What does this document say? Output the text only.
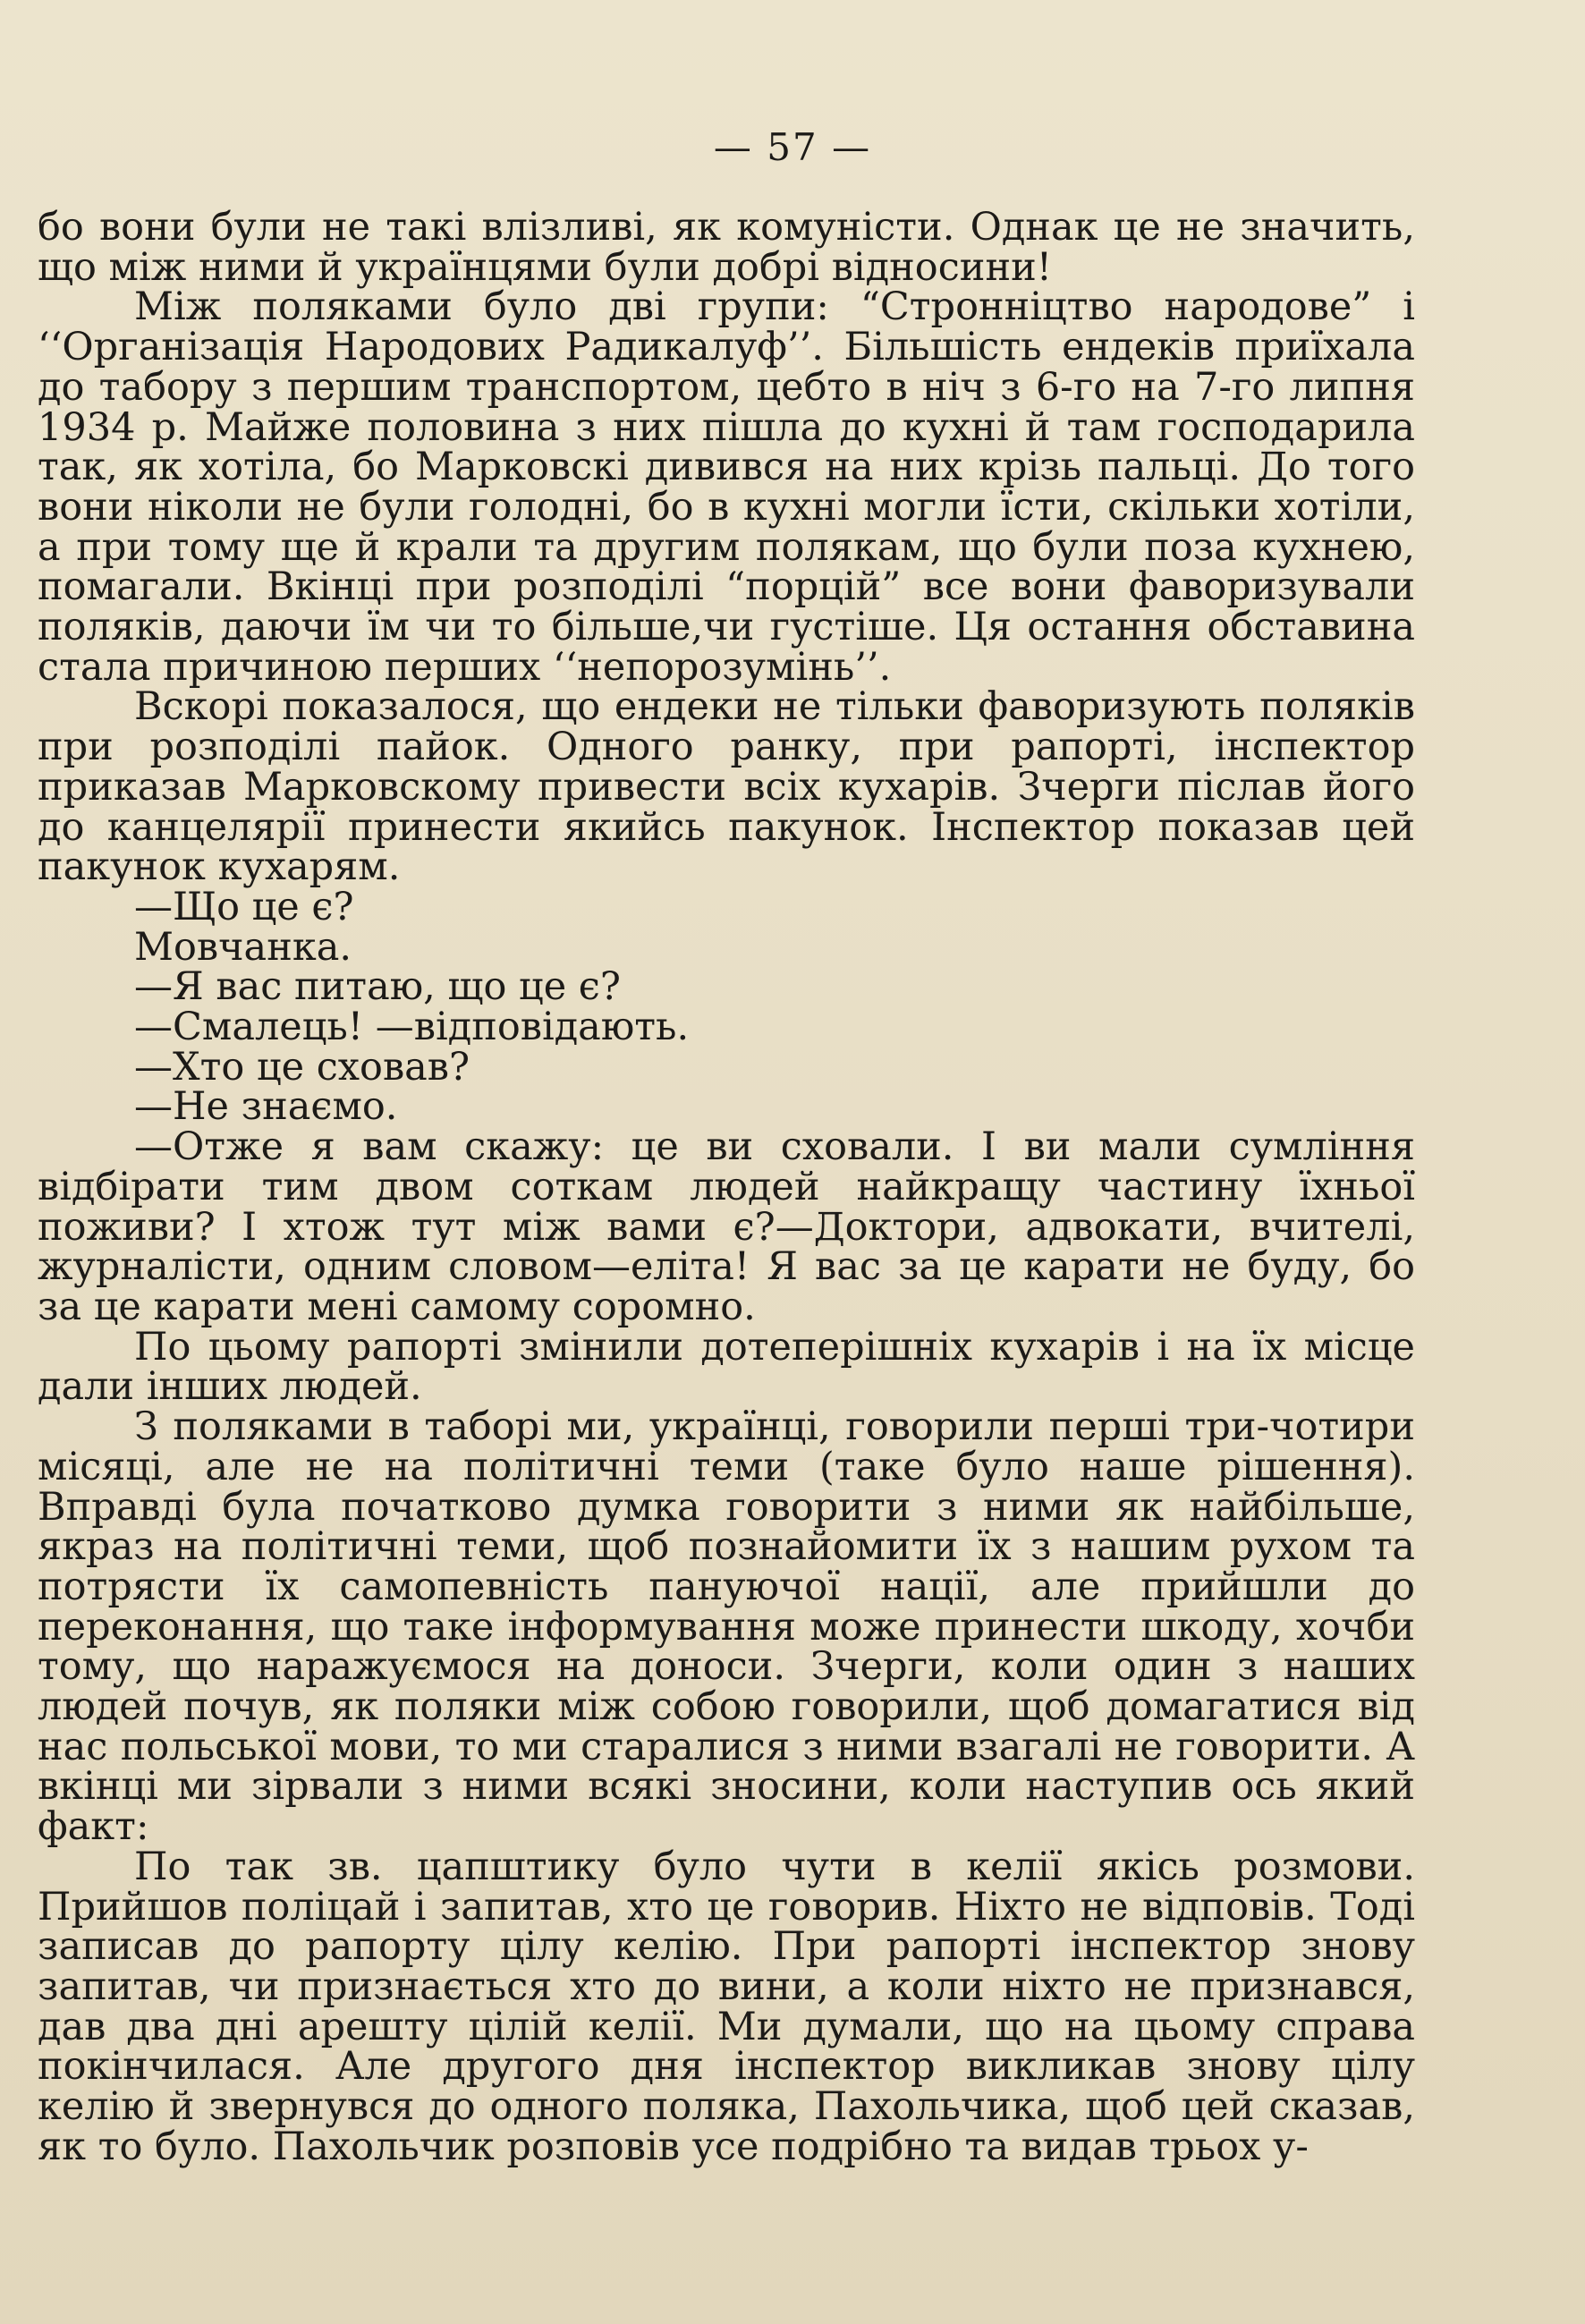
— 57 —

бо вони були не такі влізливі, як комуністи. Однак це не значить, що між ними й українцями були добрі відносини!

Між поляками було дві групи: “Стронніцтво народове” і ‘‘Організація Народових Радикалуф’’. Більшість ендеків приїхала до табору з першим транспортом, цебто в ніч з 6-го на 7-го липня 1934 р. Майже половина з них пішла до кухні й там господарила так, як хотіла, бо Марковскі дивився на них крізь пальці. До того вони ніколи не були голодні, бо в кухні могли їсти, скільки хотіли, а при тому ще й крали та другим полякам, що були поза кухнею, помагали. Вкінці при розподілі “порцій” все вони фаворизували поляків, даючи їм чи то більше,чи густіше. Ця остання обставина стала причиною перших ‘‘непорозумінь’’.

Вскорі показалося, що ендеки не тільки фаворизують поляків при розподілі пайок. Одного ранку, при рапорті, інспектор приказав Марковскому привести всіх кухарів. Зчерги післав його до канцелярії принести якийсь пакунок. Інспектор показав цей пакунок кухарям.

—Що це є?

Мовчанка.

—Я вас питаю, що це є?

—Смалець! —відповідають.

—Хто це сховав?

—Не знаємо.

—Отже я вам скажу: це ви сховали. І ви мали сумління відбірати тим двом соткам людей найкращу частину їхньої поживи? І хтож тут між вами є?—Доктори, адвокати, вчителі, журналісти, одним словом—еліта! Я вас за це карати не буду, бо за це карати мені самому соромно.

По цьому рапорті змінили дотеперішніх кухарів і на їх місце дали інших людей.

З поляками в таборі ми, українці, говорили перші три-чотири місяці, але не на політичні теми (таке було наше рішення). Вправді була початково думка говорити з ними як найбільше, якраз на політичні теми, щоб познайомити їх з нашим рухом та потрясти їх самопевність пануючої нації, але прийшли до переконання, що таке інформування може принести шкоду, хочби тому, що наражуємося на доноси. Зчерги, коли один з наших людей почув, як поляки між собою говорили, щоб домагатися від нас польської мови, то ми старалися з ними взагалі не говорити. А вкінці ми зірвали з ними всякі зносини, коли наступив ось який факт:

По так зв. цапштику було чути в келії якісь розмови. Прийшов поліцай і запитав, хто це говорив. Ніхто не відповів. Тоді записав до рапорту цілу келію. При рапорті інспектор знову запитав, чи признається хто до вини, а коли ніхто не признався, дав два дні арешту цілій келії. Ми думали, що на цьому справа покінчилася. Але другого дня інспектор викликав знову цілу келію й звернувся до одного поляка, Пахольчика, щоб цей сказав, як то було. Пахольчик розповів усе подрібно та видав трьох у-
